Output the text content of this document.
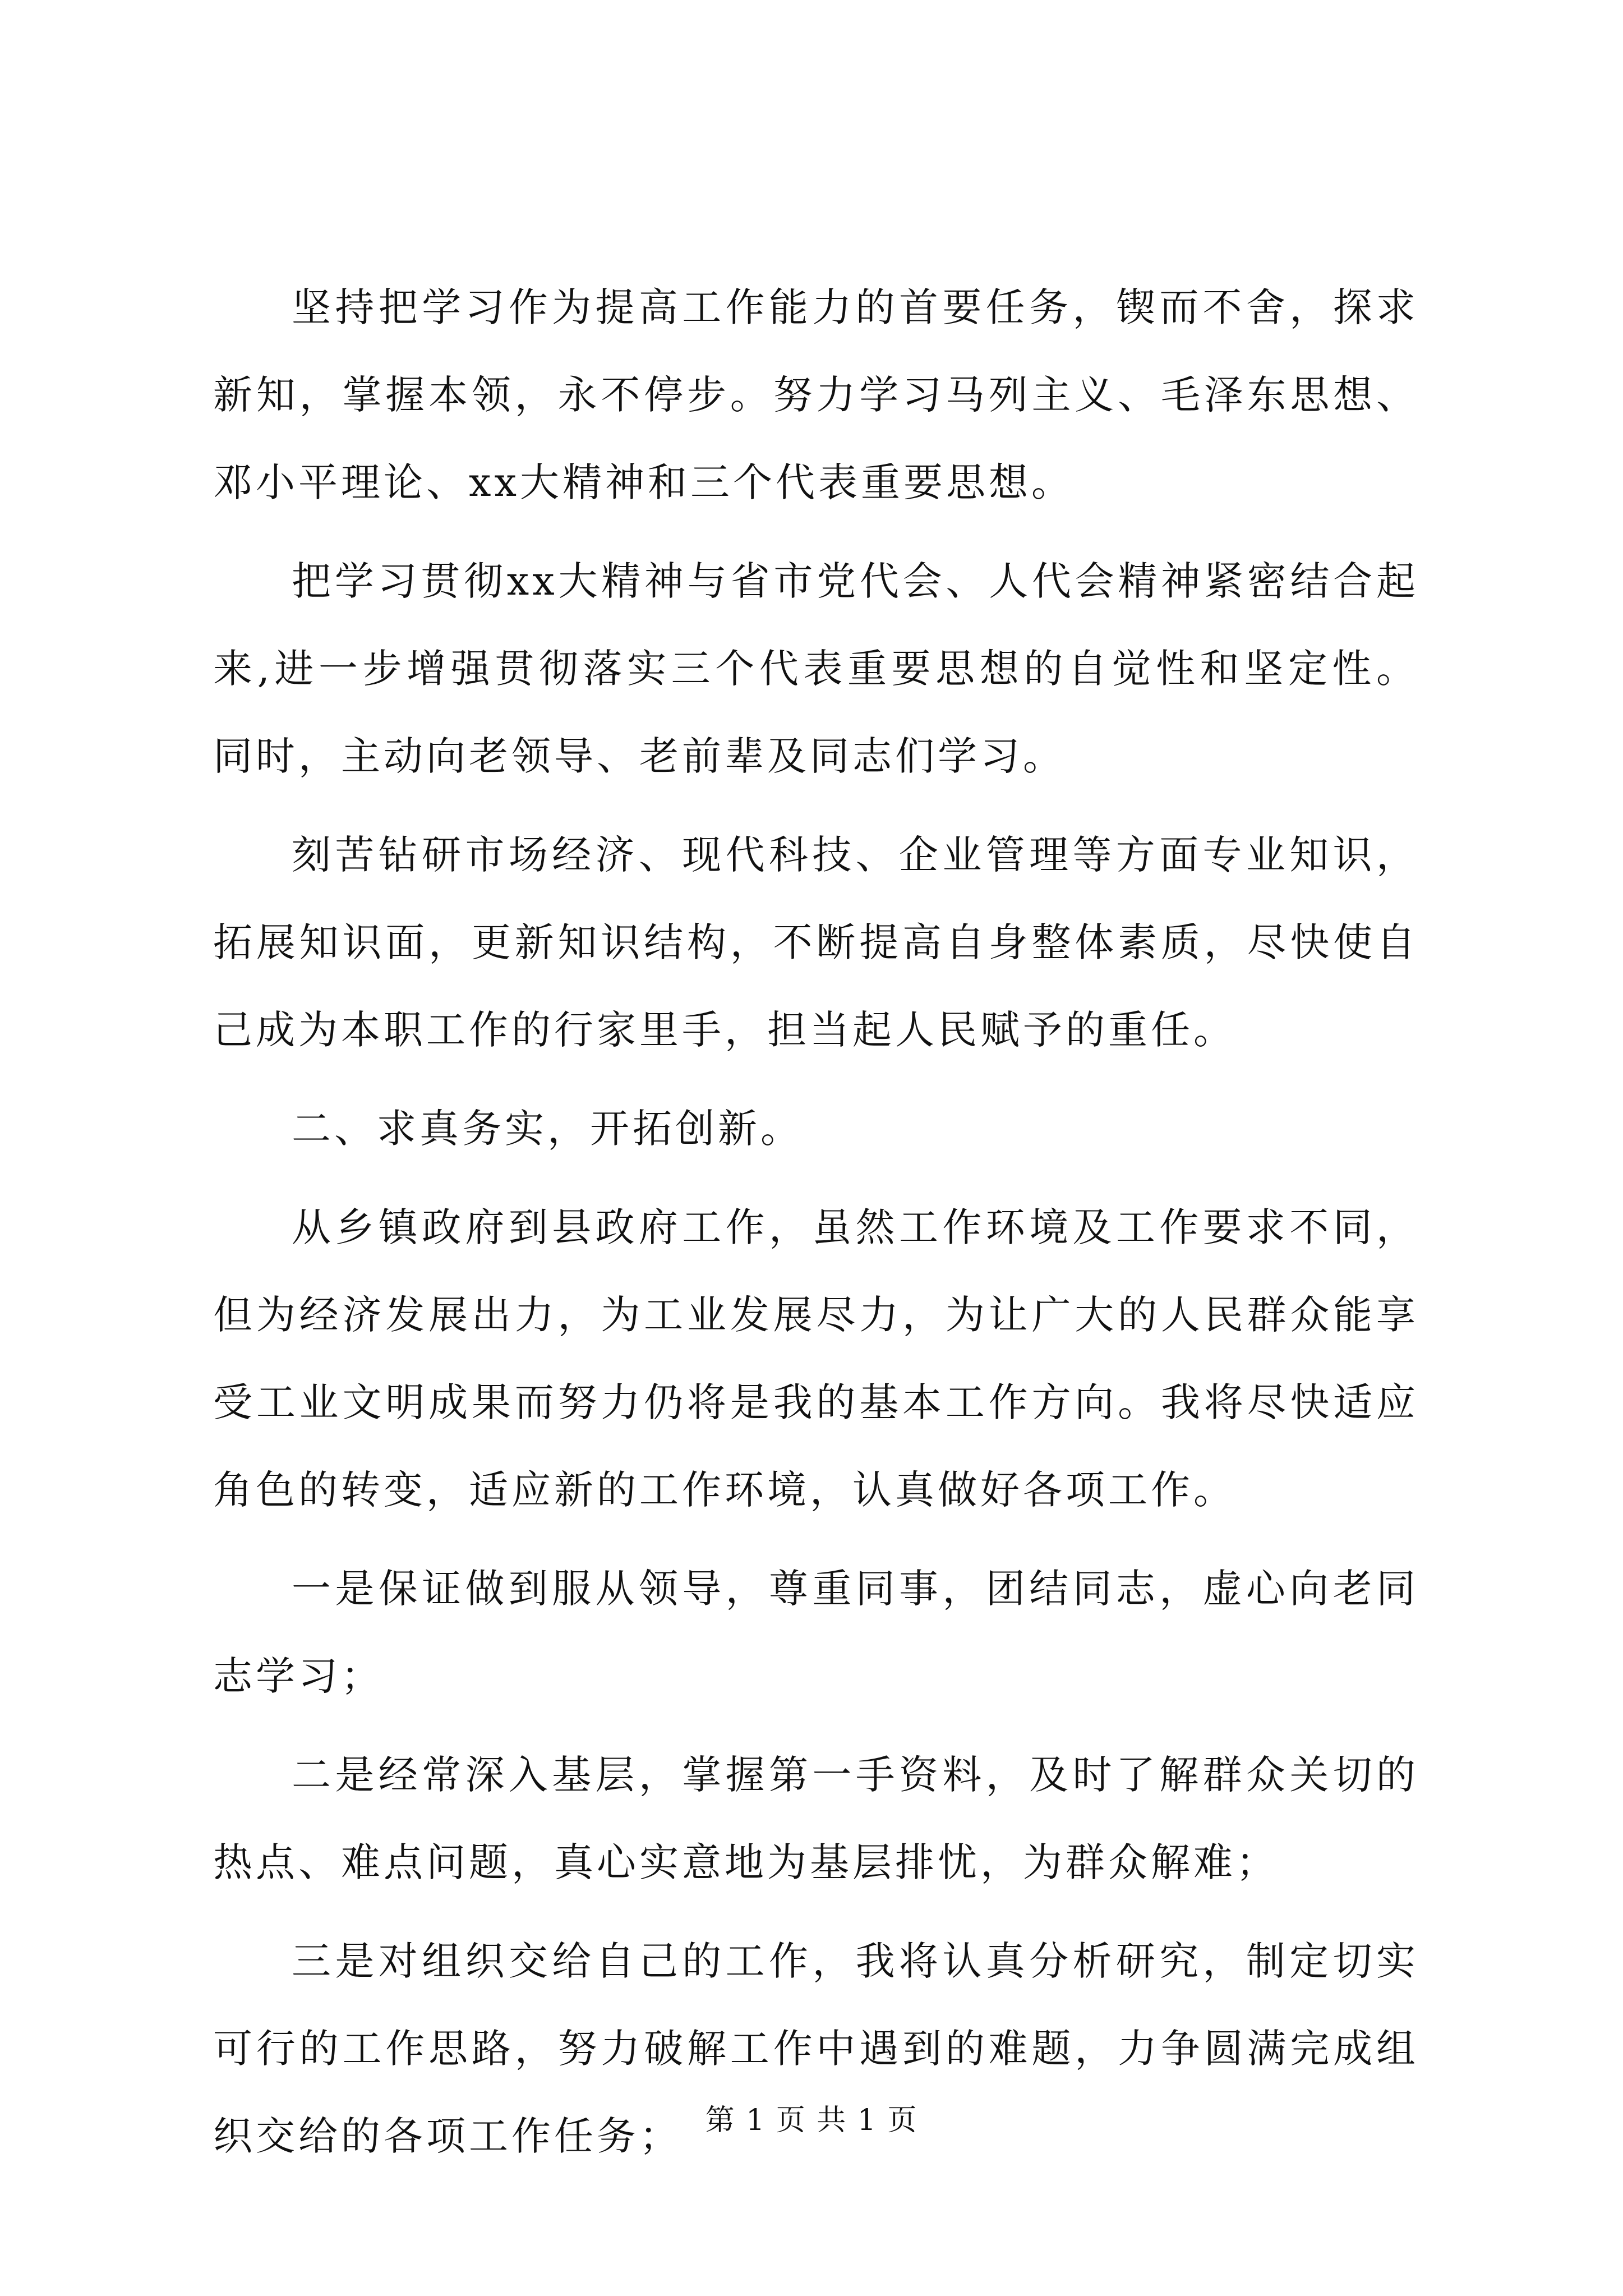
坚持把学习作为提高工作能力的首要任务，锲而不舍，探求新知，掌握本领，永不停步。努力学习马列主义、毛泽东思想、邓小平理论、xx大精神和三个代表重要思想。

把学习贯彻xx大精神与省市党代会、人代会精神紧密结合起来,进一步增强贯彻落实三个代表重要思想的自觉性和坚定性。同时，主动向老领导、老前辈及同志们学习。

刻苦钻研市场经济、现代科技、企业管理等方面专业知识，拓展知识面，更新知识结构，不断提高自身整体素质，尽快使自己成为本职工作的行家里手，担当起人民赋予的重任。

二、求真务实，开拓创新。

从乡镇政府到县政府工作，虽然工作环境及工作要求不同，但为经济发展出力，为工业发展尽力，为让广大的人民群众能享受工业文明成果而努力仍将是我的基本工作方向。我将尽快适应角色的转变，适应新的工作环境，认真做好各项工作。

一是保证做到服从领导，尊重同事，团结同志，虚心向老同志学习；

二是经常深入基层，掌握第一手资料，及时了解群众关切的热点、难点问题，真心实意地为基层排忧，为群众解难；

三是对组织交给自己的工作，我将认真分析研究，制定切实可行的工作思路，努力破解工作中遇到的难题，力争圆满完成组织交给的各项工作任务； 第 1 页 共 1 页
